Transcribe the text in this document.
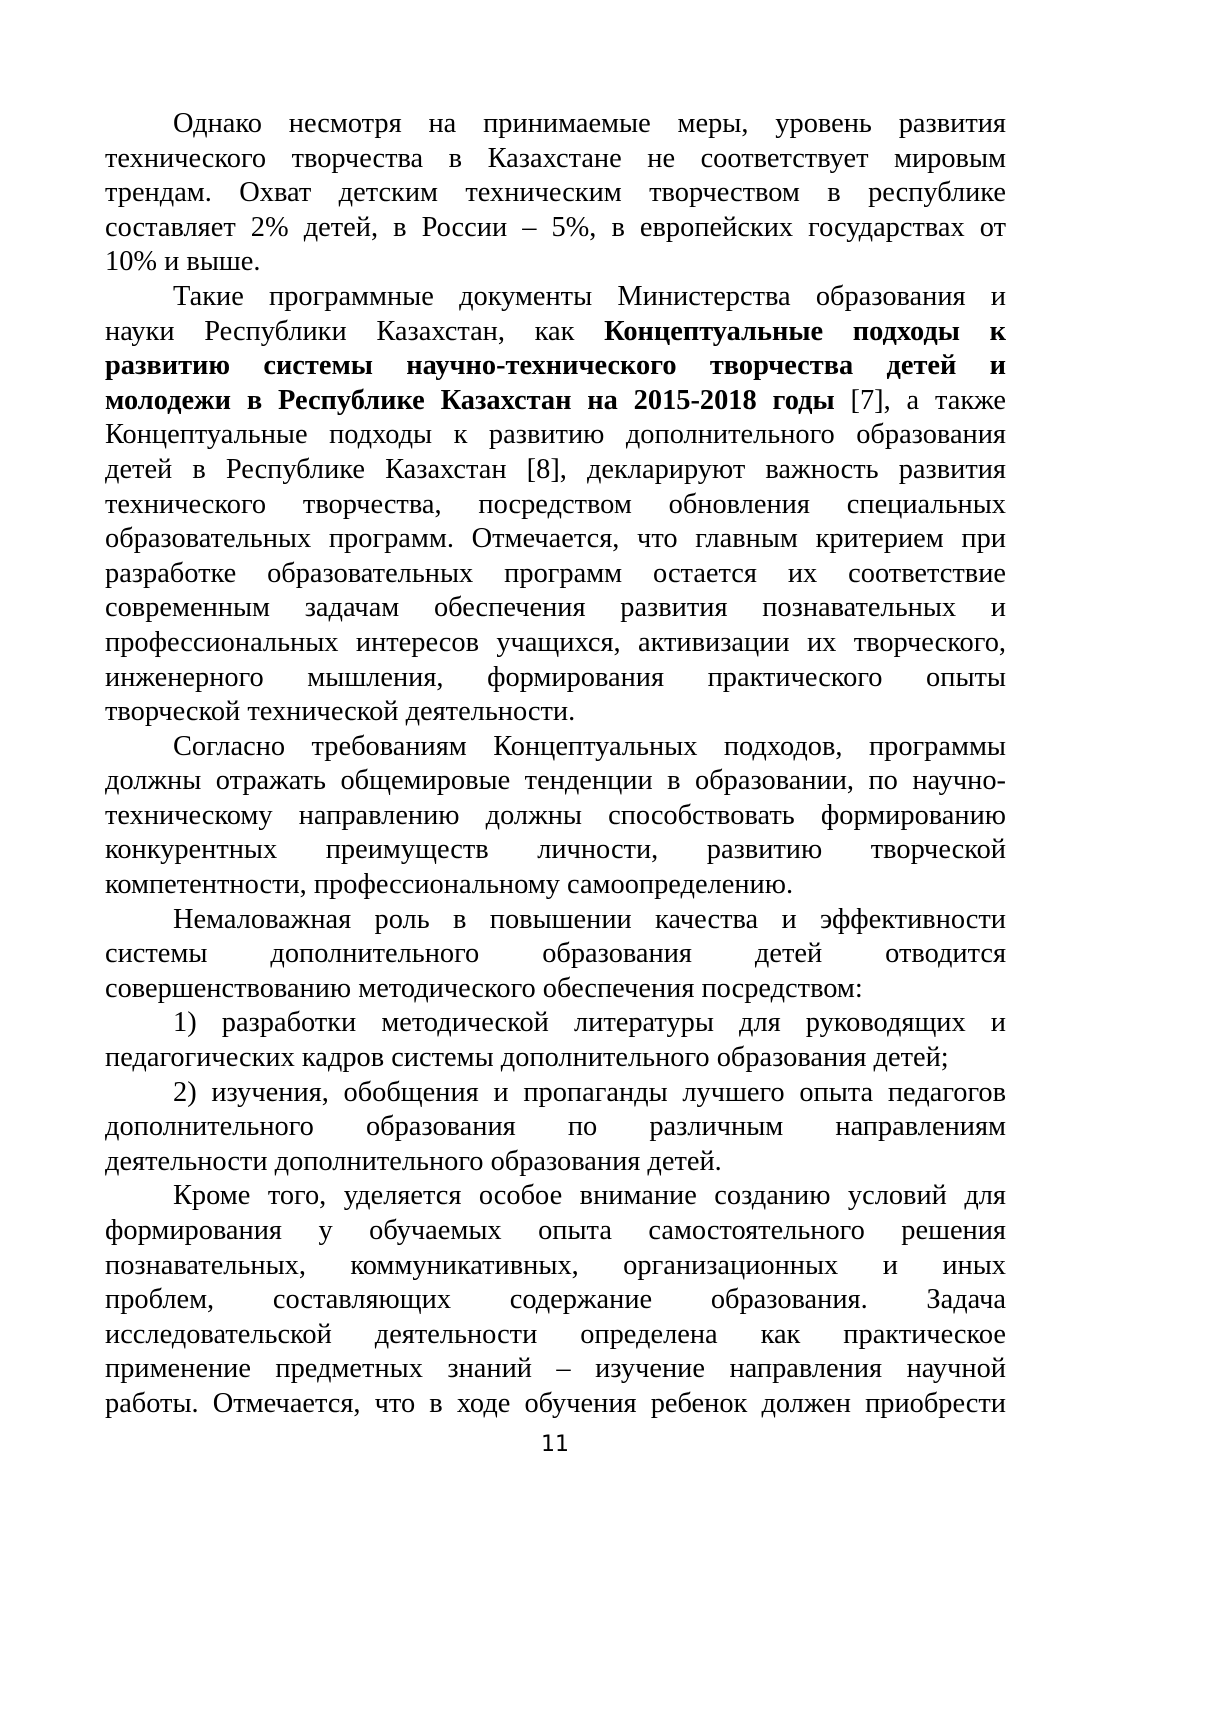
Однако несмотря на принимаемые меры, уровень развития
технического творчества в Казахстане не соответствует мировым
трендам. Охват детским техническим творчеством в республике
составляет 2% детей, в России – 5%, в европейских государствах от
10% и выше.
Такие программные документы Министерства образования и
науки Республики Казахстан, как Концептуальные подходы к
развитию системы научно-технического творчества детей и
молодежи в Республике Казахстан на 2015-2018 годы [7], а также
Концептуальные подходы к развитию дополнительного образования
детей в Республике Казахстан [8], декларируют важность развития
технического творчества, посредством обновления специальных
образовательных программ. Отмечается, что главным критерием при
разработке образовательных программ остается их соответствие
современным задачам обеспечения развития познавательных и
профессиональных интересов учащихся, активизации их творческого,
инженерного мышления, формирования практического опыты
творческой технической деятельности.
Согласно требованиям Концептуальных подходов, программы
должны отражать общемировые тенденции в образовании, по научно-
техническому направлению должны способствовать формированию
конкурентных преимуществ личности, развитию творческой
компетентности, профессиональному самоопределению.
Немаловажная роль в повышении качества и эффективности
системы дополнительного образования детей отводится
совершенствованию методического обеспечения посредством:
1) разработки методической литературы для руководящих и
педагогических кадров системы дополнительного образования детей;
2) изучения, обобщения и пропаганды лучшего опыта педагогов
дополнительного образования по различным направлениям
деятельности дополнительного образования детей.
Кроме того, уделяется особое внимание созданию условий для
формирования у обучаемых опыта самостоятельного решения
познавательных, коммуникативных, организационных и иных
проблем, составляющих содержание образования. Задача
исследовательской деятельности определена как практическое
применение предметных знаний – изучение направления научной
работы. Отмечается, что в ходе обучения ребенок должен приобрести
11
